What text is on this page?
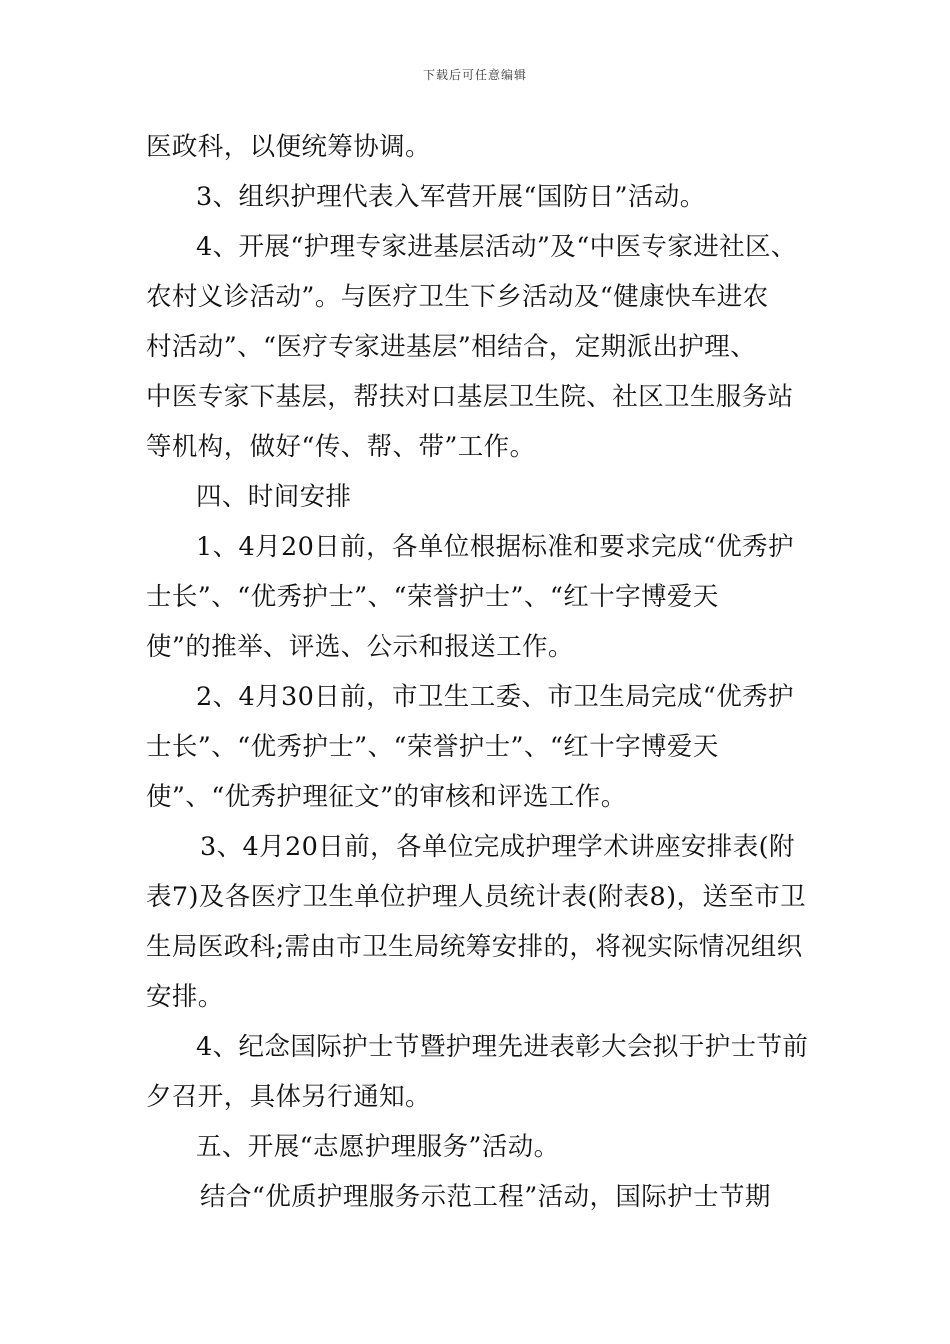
下载后可任意编辑
医政科，以便统筹协调。
3、组织护理代表入军营开展“国防日”活动。
4、开展“护理专家进基层活动”及“中医专家进社区、
农村义诊活动”。与医疗卫生下乡活动及“健康快车进农
村活动”、“医疗专家进基层”相结合，定期派出护理、
中医专家下基层，帮扶对口基层卫生院、社区卫生服务站
等机构，做好“传、帮、带”工作。
四、时间安排
1、4月20日前，各单位根据标准和要求完成“优秀护
士长”、“优秀护士”、“荣誉护士”、“红十字博爱天
使”的推举、评选、公示和报送工作。
2、4月30日前，市卫生工委、市卫生局完成“优秀护
士长”、“优秀护士”、“荣誉护士”、“红十字博爱天
使”、“优秀护理征文”的审核和评选工作。
3、4月20日前，各单位完成护理学术讲座安排表(附
表7)及各医疗卫生单位护理人员统计表(附表8)，送至市卫
生局医政科;需由市卫生局统筹安排的，将视实际情况组织
安排。
4、纪念国际护士节暨护理先进表彰大会拟于护士节前
夕召开，具体另行通知。
五、开展“志愿护理服务”活动。
结合“优质护理服务示范工程”活动，国际护士节期
